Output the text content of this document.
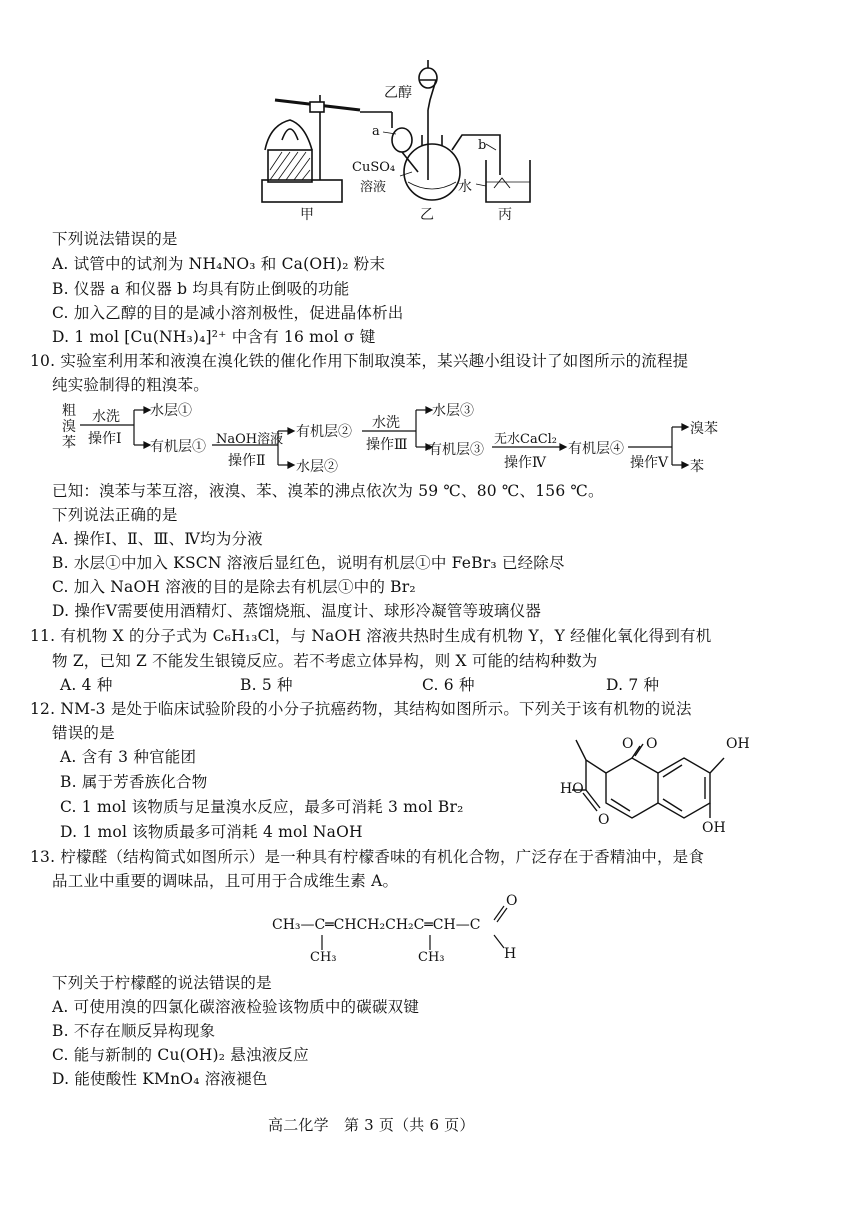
乙醇
a
b
CuSO₄
溶液	水
甲	乙	丙
下列说法错误的是
A. 试管中的试剂为 NH₄NO₃ 和 Ca(OH)₂ 粉末
B. 仪器 a 和仪器 b 均具有防止倒吸的功能
C. 加入乙醇的目的是减小溶剂极性，促进晶体析出
D. 1 mol [Cu(NH₃)₄]²⁺ 中含有 16 mol σ 键
10. 实验室利用苯和液溴在溴化铁的催化作用下制取溴苯，某兴趣小组设计了如图所示的流程提
纯实验制得的粗溴苯。
粗
溴
苯
水洗
操作Ⅰ
水层①
有机层① NaOH溶液
操作Ⅱ
有机层②
水层②
水洗
操作Ⅲ
水层③
有机层③
无水CaCl₂
操作Ⅳ
有机层④
操作Ⅴ
溴苯
苯
已知：溴苯与苯互溶，液溴、苯、溴苯的沸点依次为 59 ℃、80 ℃、156 ℃。
下列说法正确的是
A. 操作Ⅰ、Ⅱ、Ⅲ、Ⅳ均为分液
B. 水层①中加入 KSCN 溶液后显红色，说明有机层①中 FeBr₃ 已经除尽
C. 加入 NaOH 溶液的目的是除去有机层①中的 Br₂
D. 操作Ⅴ需要使用酒精灯、蒸馏烧瓶、温度计、球形冷凝管等玻璃仪器
11. 有机物 X 的分子式为 C₆H₁₃Cl，与 NaOH 溶液共热时生成有机物 Y，Y 经催化氧化得到有机
物 Z，已知 Z 不能发生银镜反应。若不考虑立体异构，则 X 可能的结构种数为
A. 4 种	B. 5 种	C. 6 种	D. 7 种
12. NM-3 是处于临床试验阶段的小分子抗癌药物，其结构如图所示。下列关于该有机物的说法
错误的是
A. 含有 3 种官能团
B. 属于芳香族化合物
C. 1 mol 该物质与足量溴水反应，最多可消耗 3 mol Br₂
D. 1 mol 该物质最多可消耗 4 mol NaOH
O O	OH
OH
HO
O
13. 柠檬醛（结构简式如图所示）是一种具有柠檬香味的有机化合物，广泛存在于香精油中，是食
品工业中重要的调味品，且可用于合成维生素 A。
CH₃—C═CHCH₂CH₂C═CH—C
CH₃	CH₃
O
H
下列关于柠檬醛的说法错误的是
A. 可使用溴的四氯化碳溶液检验该物质中的碳碳双键
B. 不存在顺反异构现象
C. 能与新制的 Cu(OH)₂ 悬浊液反应
D. 能使酸性 KMnO₄ 溶液褪色
高二化学　第 3 页（共 6 页）
